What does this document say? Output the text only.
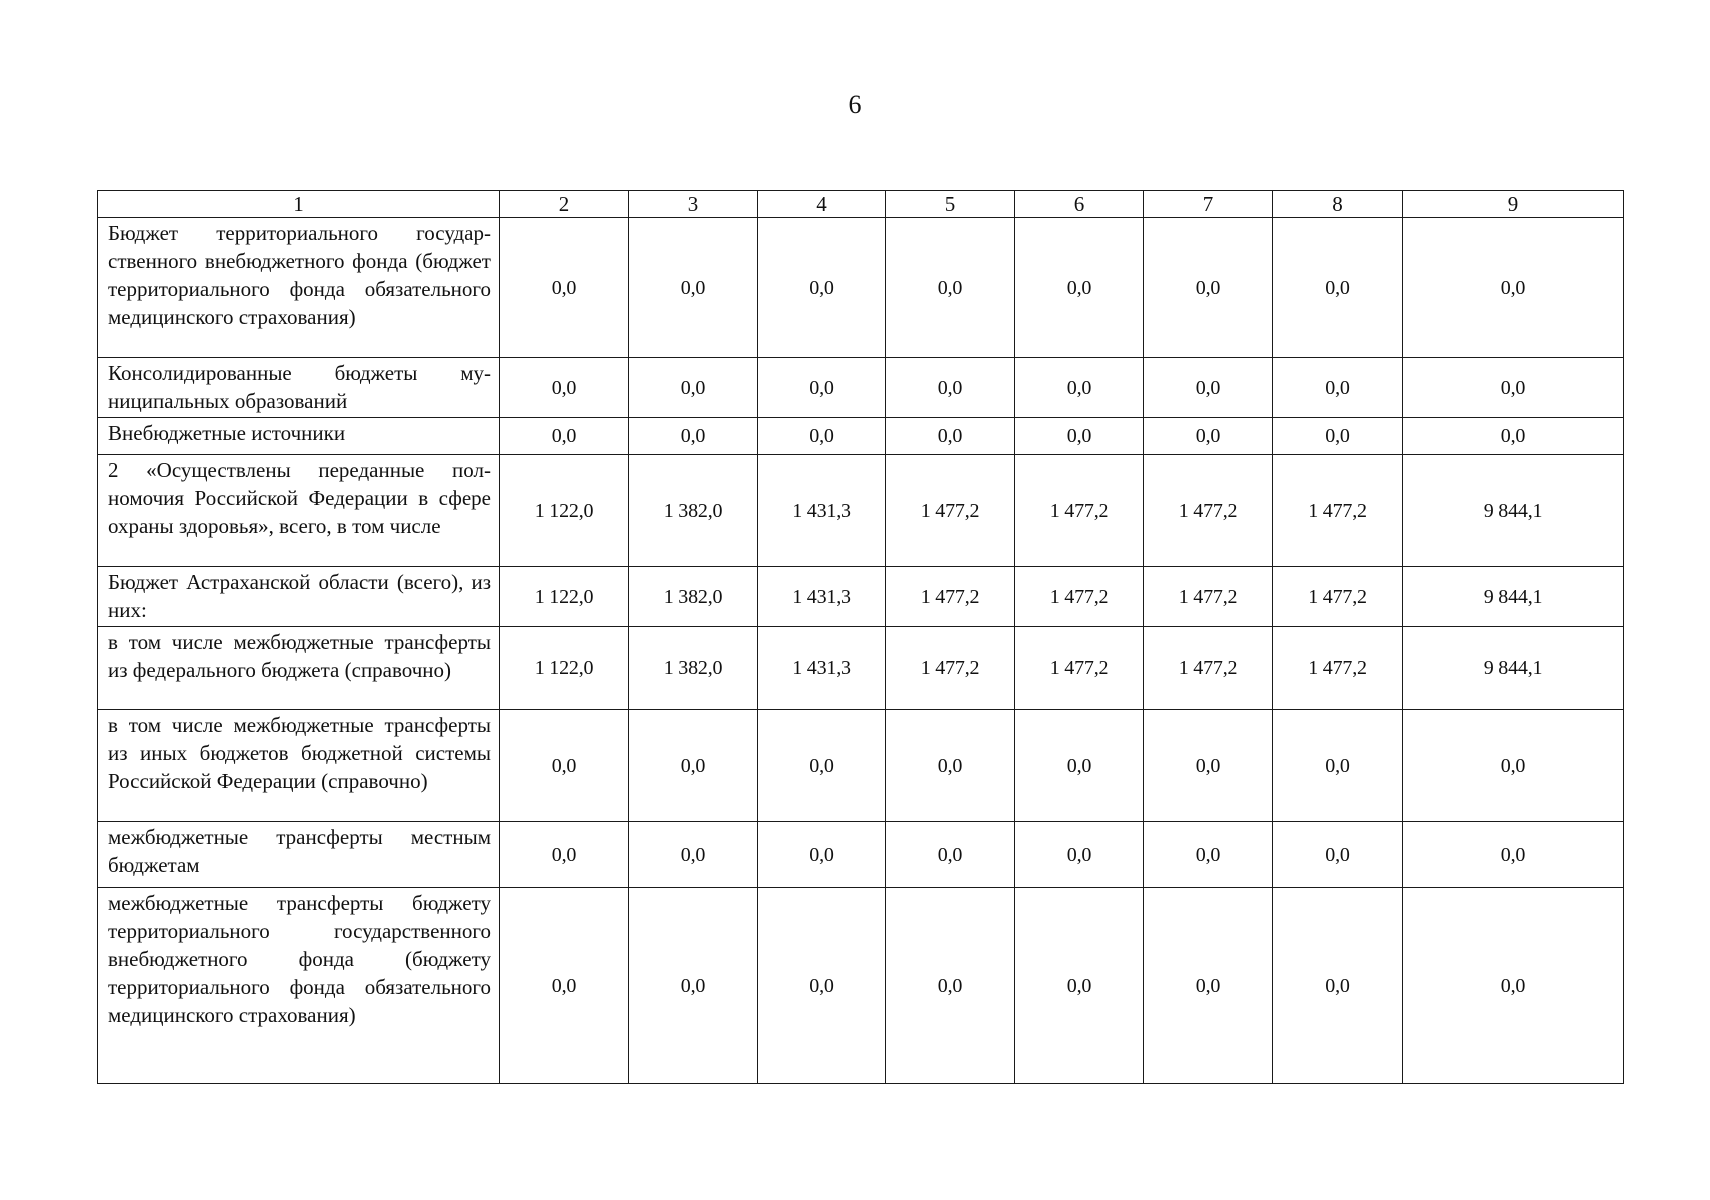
6
1	2	3	4	5	6	7	8	9
Бюджет территориального государственного внебюджетного фонда (бюджет территориального фонда обязательного медицинского страхования)	0,0	0,0	0,0	0,0	0,0	0,0	0,0	0,0
Консолидированные бюджеты муниципальных образований	0,0	0,0	0,0	0,0	0,0	0,0	0,0	0,0
Внебюджетные источники	0,0	0,0	0,0	0,0	0,0	0,0	0,0	0,0
2 «Осуществлены переданные полномочия Российской Федерации в сфере охраны здоровья», всего, в том числе	1 122,0	1 382,0	1 431,3	1 477,2	1 477,2	1 477,2	1 477,2	9 844,1
Бюджет Астраханской области (всего), из них:	1 122,0	1 382,0	1 431,3	1 477,2	1 477,2	1 477,2	1 477,2	9 844,1
в том числе межбюджетные трансферты из федерального бюджета (справочно)	1 122,0	1 382,0	1 431,3	1 477,2	1 477,2	1 477,2	1 477,2	9 844,1
в том числе межбюджетные трансферты из иных бюджетов бюджетной системы Российской Федерации (справочно)	0,0	0,0	0,0	0,0	0,0	0,0	0,0	0,0
межбюджетные трансферты местным бюджетам	0,0	0,0	0,0	0,0	0,0	0,0	0,0	0,0
межбюджетные трансферты бюджету территориального государственного внебюджетного фонда (бюджету территориального фонда обязательного медицинского страхования)	0,0	0,0	0,0	0,0	0,0	0,0	0,0	0,0
